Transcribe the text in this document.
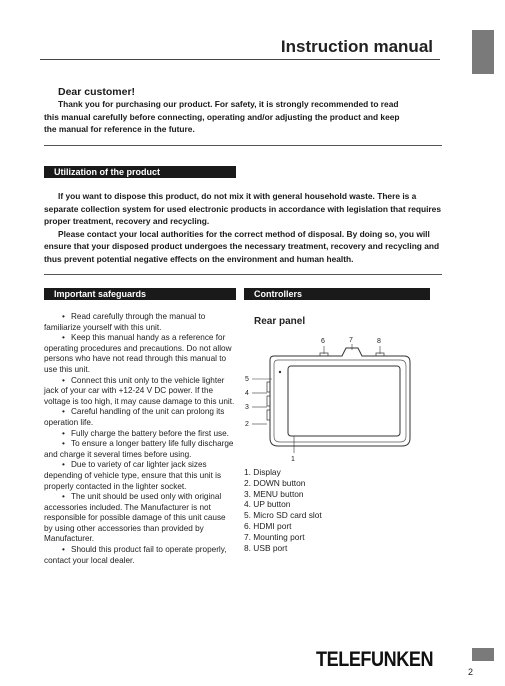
Instruction manual
Dear customer!
Thank you for purchasing our product. For safety, it is strongly recommended to read
this manual carefully before connecting, operating and/or adjusting the product and keep
the manual for reference in the future.
Utilization of the product

If you want to dispose this product, do not mix it with general household waste. There is a separate collection system for used electronic products in accordance with legislation that requires proper treatment, recovery and recycling.

Please contact your local authorities for the correct method of disposal. By doing so, you will ensure that your disposed product undergoes the necessary treatment, recovery and recycling and thus prevent potential negative effects on the environment and human health.

Important safeguards

• Read carefully through the manual to familiarize yourself with this unit.

• Keep this manual handy as a reference for operating procedures and precautions. Do not allow persons who have not read through this manual to use this unit.

• Connect this unit only to the vehicle lighter jack of your car with +12-24 V DC power. If the voltage is too high, it may cause damage to this unit.

• Careful handling of the unit can prolong its operation life.

• Fully charge the battery before the first use.

• To ensure a longer battery life fully discharge and charge it several times before using.

• Due to variety of car lighter jack sizes depending of vehicle type, ensure that this unit is properly contacted in the lighter socket.

• The unit should be used only with original accessories included. The Manufacturer is not responsible for possible damage of this unit cause by using other accessories than provided by Manufacturer.

• Should this product fail to operate properly, contact your local dealer.

Controllers
Rear panel
6	7	8
5
4
3
2
1
1. Display
2. DOWN button
3. MENU button
4. UP button
5. Micro SD card slot
6. HDMI port
7. Mounting port
8. USB port
TELEFUNKEN
2
